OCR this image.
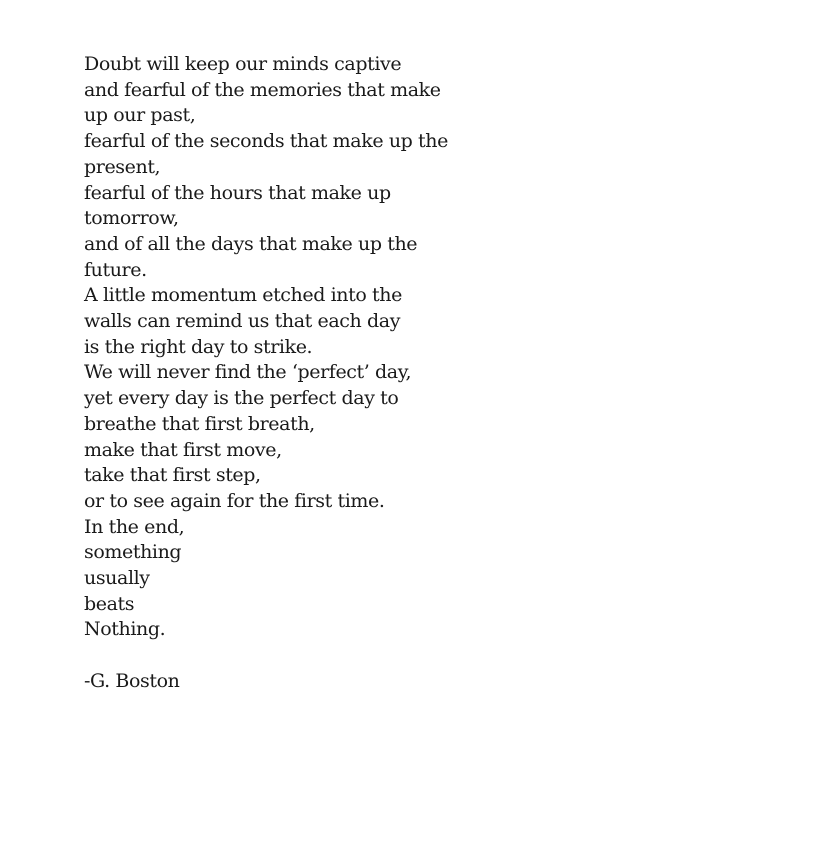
Doubt will keep our minds captive
and fearful of the memories that make
up our past,
fearful of the seconds that make up the
present,
fearful of the hours that make up
tomorrow,
and of all the days that make up the
future.
A little momentum etched into the
walls can remind us that each day
is the right day to strike.
We will never find the ‘perfect’ day,
yet every day is the perfect day to
breathe that first breath,
make that first move,
take that first step,
or to see again for the first time.
In the end,
something
usually
beats
Nothing.
-G. Boston
